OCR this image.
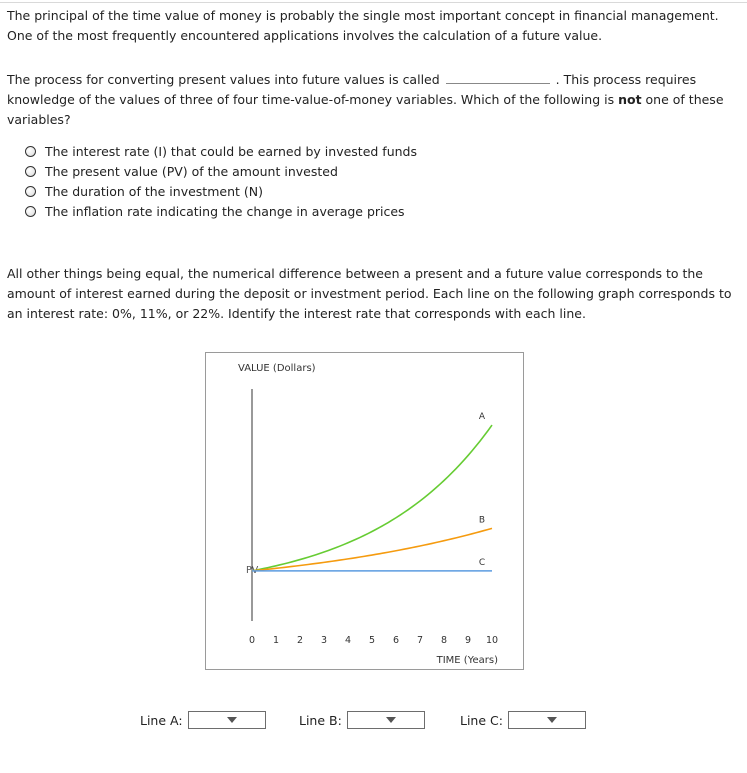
The principal of the time value of money is probably the single most important concept in financial management. One of the most frequently encountered applications involves the calculation of a future value.
The process for converting present values into future values is called	. This process requires knowledge of the values of three of four time-value-of-money variables. Which of the following is not one of these variables?
The interest rate (I) that could be earned by invested funds
The present value (PV) of the amount invested
The duration of the investment (N)
The inflation rate indicating the change in average prices
All other things being equal, the numerical difference between a present and a future value corresponds to the amount of interest earned during the deposit or investment period. Each line on the following graph corresponds to an interest rate: 0%, 11%, or 22%. Identify the interest rate that corresponds with each line.
VALUE (Dollars)
TIME (Years)
PV
0 1 2 3 4 5 6 7 8 9 10
A
B
C
Line A:	Line B:	Line C:
